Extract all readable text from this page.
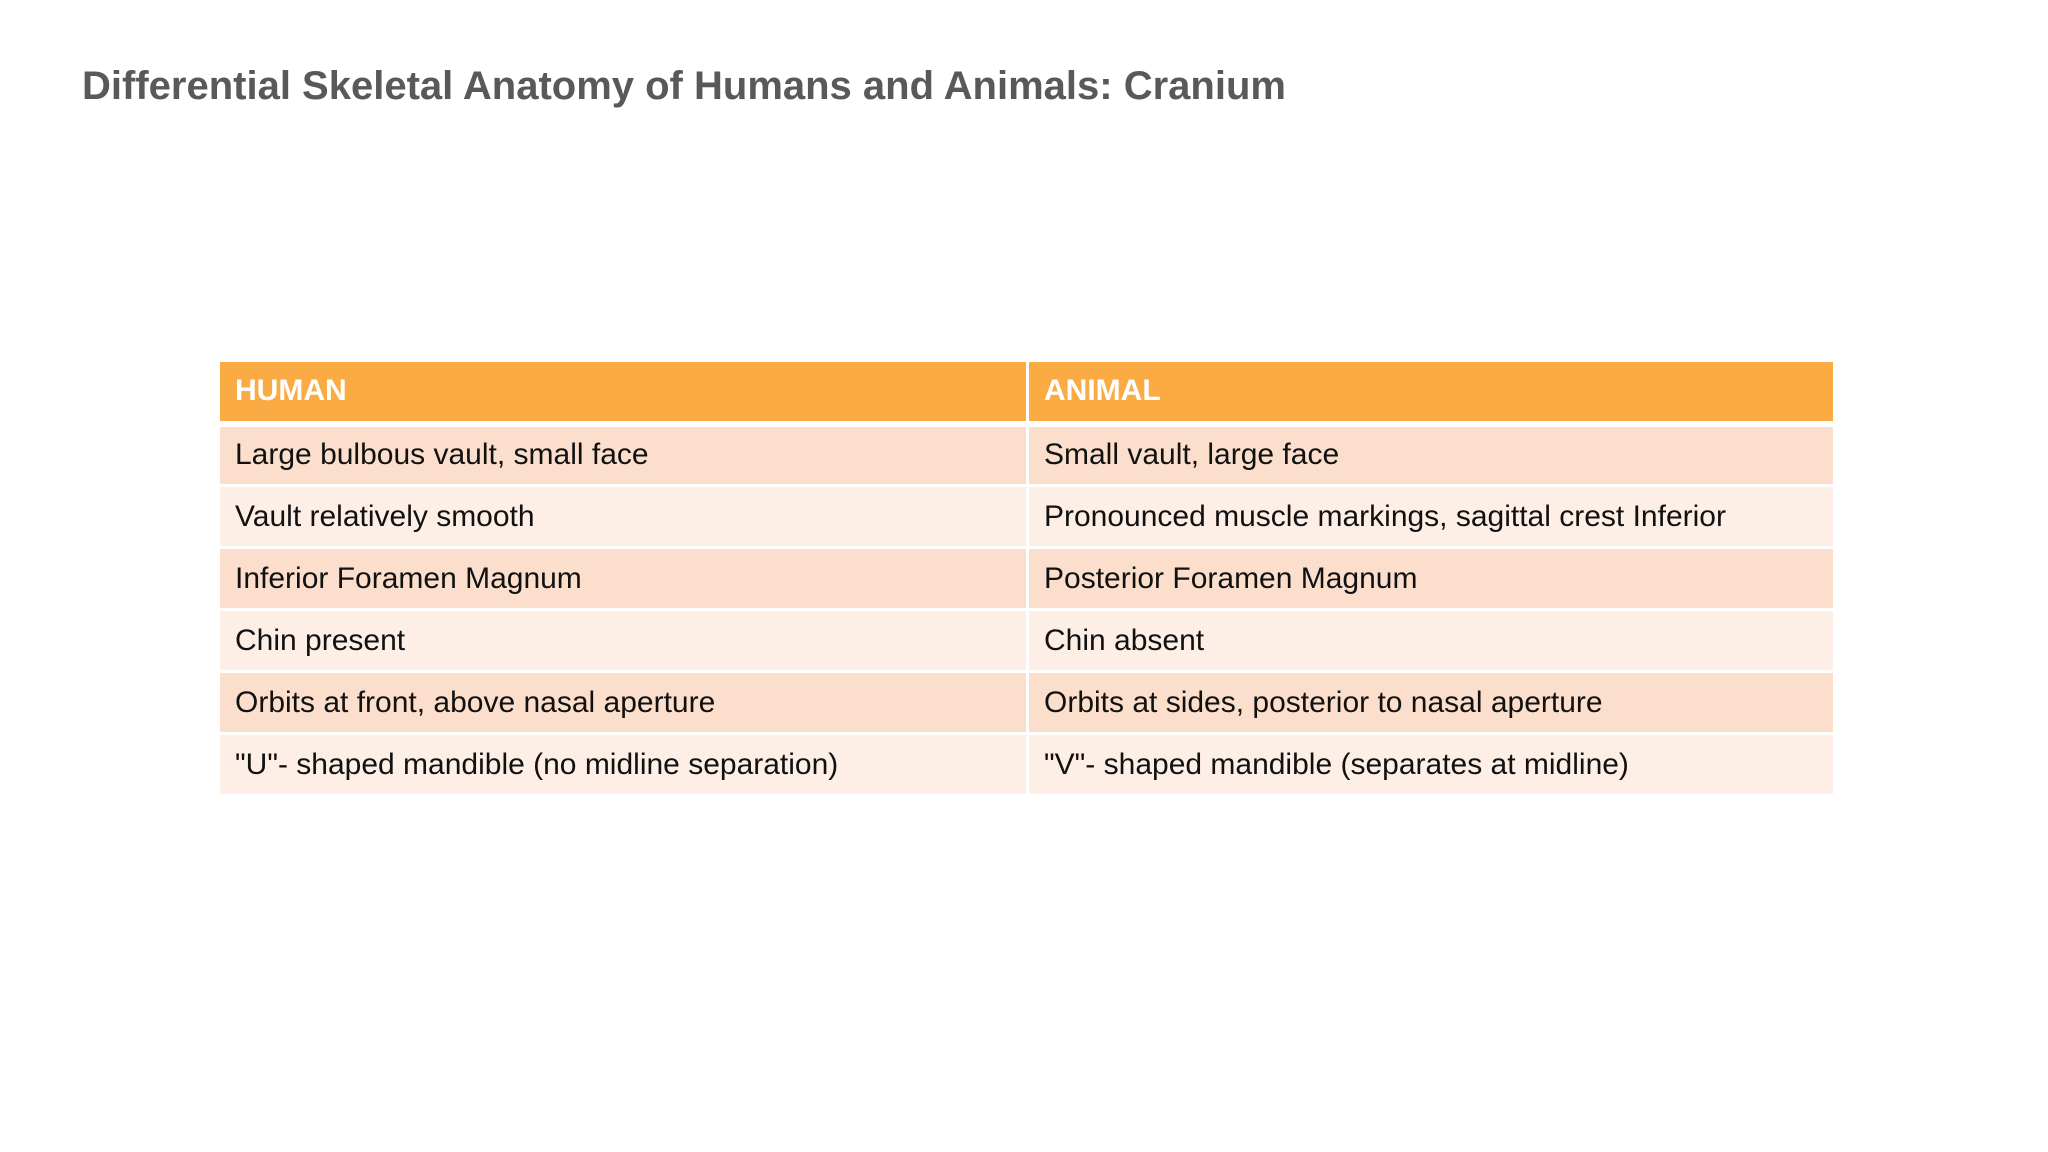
Differential Skeletal Anatomy of Humans and Animals: Cranium
HUMAN	ANIMAL
Large bulbous vault, small face	Small vault, large face
Vault relatively smooth	Pronounced muscle markings, sagittal crest Inferior
Inferior Foramen Magnum	Posterior Foramen Magnum
Chin present	Chin absent
Orbits at front, above nasal aperture	Orbits at sides, posterior to nasal aperture
"U"- shaped mandible (no midline separation)	"V"- shaped mandible (separates at midline)
